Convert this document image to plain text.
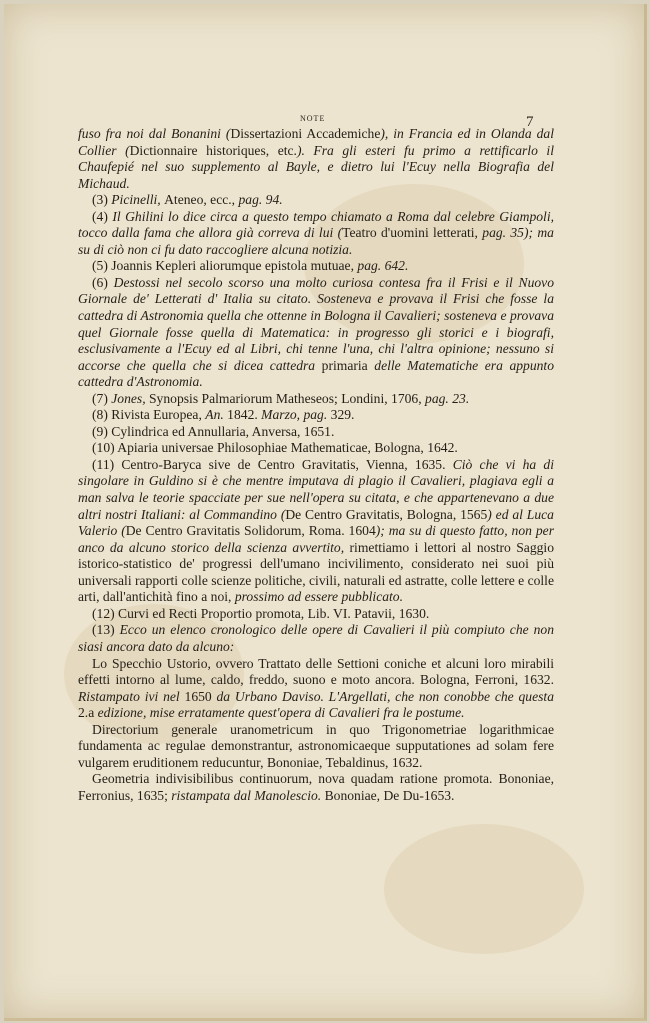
NOTE	7

fuso fra noi dal Bonanini (Dissertazioni Accademiche), in Francia ed in Olanda dal Collier (Dictionnaire historiques, etc.). Fra gli esteri fu primo a rettificarlo il Chaufepié nel suo supplemento al Bayle, e dietro lui l'Ecuy nella Biografia del Michaud.

(3) Picinelli, Ateneo, ecc., pag. 94.

(4) Il Ghilini lo dice circa a questo tempo chiamato a Roma dal celebre Giampoli, tocco dalla fama che allora già correva di lui (Teatro d'uomini letterati, pag. 35); ma su di ciò non ci fu dato raccogliere alcuna notizia.

(5) Joannis Kepleri aliorumque epistola mutuae, pag. 642.

(6) Destossi nel secolo scorso una molto curiosa contesa fra il Frisi e il Nuovo Giornale de' Letterati d' Italia su citato. Sosteneva e provava il Frisi che fosse la cattedra di Astronomia quella che ottenne in Bologna il Cavalieri; sosteneva e provava quel Giornale fosse quella di Matematica: in progresso gli storici e i biografi, esclusivamente a l'Ecuy ed al Libri, chi tenne l'una, chi l'altra opinione; nessuno si accorse che quella che si dicea cattedra primaria delle Matematiche era appunto cattedra d'Astronomia.

(7) Jones, Synopsis Palmariorum Matheseos; Londini, 1706, pag. 23.

(8) Rivista Europea, An. 1842. Marzo, pag. 329.

(9) Cylindrica ed Annullaria, Anversa, 1651.

(10) Apiaria universae Philosophiae Mathematicae, Bologna, 1642.

(11) Centro-Baryca sive de Centro Gravitatis, Vienna, 1635. Ciò che vi ha di singolare in Guldino si è che mentre imputava di plagio il Cavalieri, plagiava egli a man salva le teorie spacciate per sue nell'opera su citata, e che appartenevano a due altri nostri Italiani: al Commandino (De Centro Gravitatis, Bologna, 1565) ed al Luca Valerio (De Centro Gravitatis Solidorum, Roma. 1604); ma su di questo fatto, non per anco da alcuno storico della scienza avvertito, rimettiamo i lettori al nostro Saggio istorico-statistico de' progressi dell'umano incivilimento, considerato nei suoi più universali rapporti colle scienze politiche, civili, naturali ed astratte, colle lettere e colle arti, dall'antichità fino a noi, prossimo ad essere pubblicato.

(12) Curvi ed Recti Proportio promota, Lib. VI. Patavii, 1630.

(13) Ecco un elenco cronologico delle opere di Cavalieri il più compiuto che non siasi ancora dato da alcuno:

Lo Specchio Ustorio, ovvero Trattato delle Settioni coniche et alcuni loro mirabili effetti intorno al lume, caldo, freddo, suono e moto ancora. Bologna, Ferroni, 1632. Ristampato ivi nel 1650 da Urbano Daviso. L'Argellati, che non conobbe che questa 2.a edizione, mise erratamente quest'opera di Cavalieri fra le postume.

Directorium generale uranometricum in quo Trigonometriae logarithmicae fundamenta ac regulae demonstrantur, astronomicaeque supputationes ad solam fere vulgarem eruditionem reducuntur, Bononiae, Tebaldinus, 1632.

Geometria indivisibilibus continuorum, nova quadam ratione promota. Bononiae, Ferronius, 1635; ristampata dal Manolescio. Bononiae, De Du-1653.
